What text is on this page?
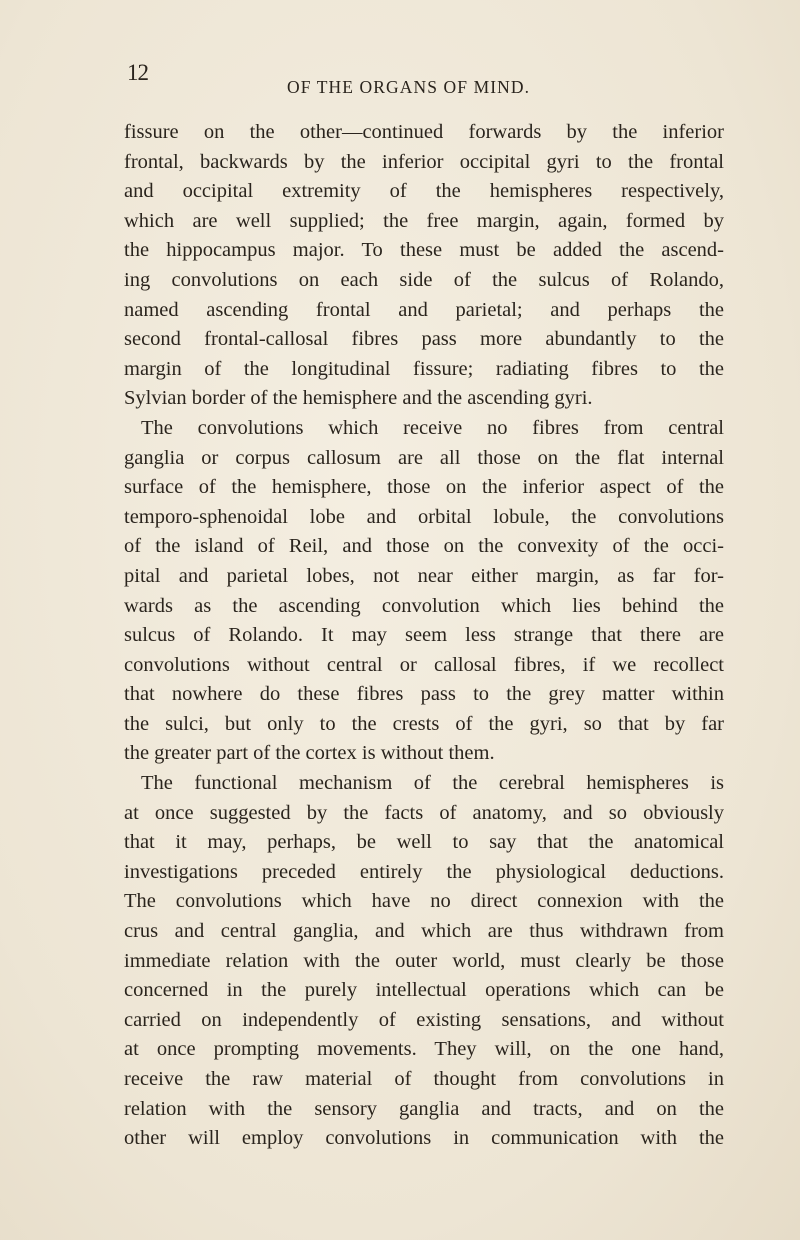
12
OF THE ORGANS OF MIND.
fissure on the other—continued forwards by the inferior
frontal, backwards by the inferior occipital gyri to the frontal
and occipital extremity of the hemispheres respectively,
which are well supplied; the free margin, again, formed by
the hippocampus major. To these must be added the ascend-
ing convolutions on each side of the sulcus of Rolando,
named ascending frontal and parietal; and perhaps the
second frontal-callosal fibres pass more abundantly to the
margin of the longitudinal fissure; radiating fibres to the
Sylvian border of the hemisphere and the ascending gyri.
The convolutions which receive no fibres from central
ganglia or corpus callosum are all those on the flat internal
surface of the hemisphere, those on the inferior aspect of the
temporo-sphenoidal lobe and orbital lobule, the convolutions
of the island of Reil, and those on the convexity of the occi-
pital and parietal lobes, not near either margin, as far for-
wards as the ascending convolution which lies behind the
sulcus of Rolando. It may seem less strange that there are
convolutions without central or callosal fibres, if we recollect
that nowhere do these fibres pass to the grey matter within
the sulci, but only to the crests of the gyri, so that by far
the greater part of the cortex is without them.
The functional mechanism of the cerebral hemispheres is
at once suggested by the facts of anatomy, and so obviously
that it may, perhaps, be well to say that the anatomical
investigations preceded entirely the physiological deductions.
The convolutions which have no direct connexion with the
crus and central ganglia, and which are thus withdrawn from
immediate relation with the outer world, must clearly be those
concerned in the purely intellectual operations which can be
carried on independently of existing sensations, and without
at once prompting movements. They will, on the one hand,
receive the raw material of thought from convolutions in
relation with the sensory ganglia and tracts, and on the
other will employ convolutions in communication with the
